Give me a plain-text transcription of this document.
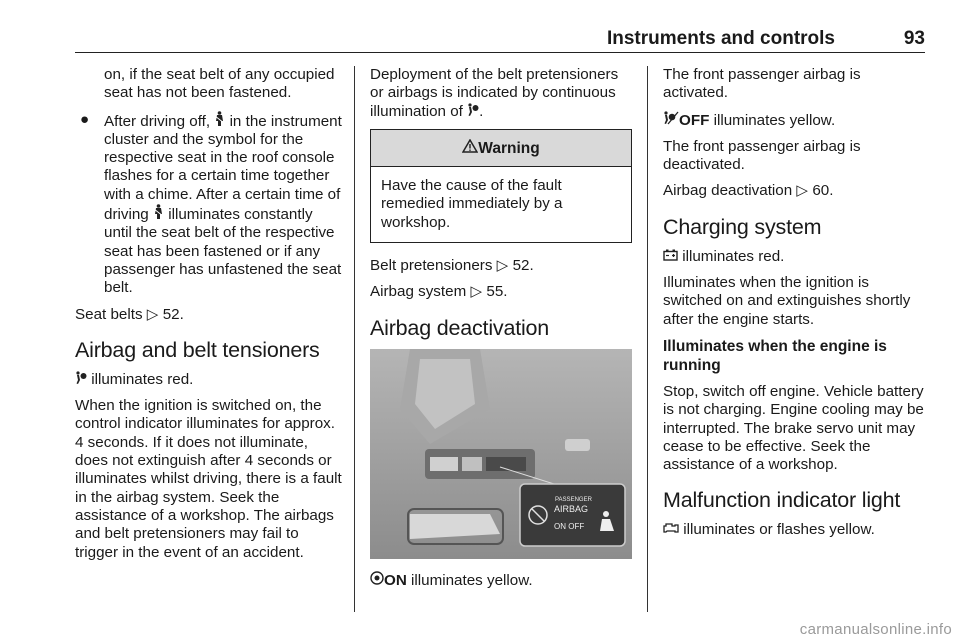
Instruments and controls	93

on, if the seat belt of any occupied seat has not been fastened.

● After driving off, in the instrument cluster and the symbol for the respective seat in the roof console flashes for a certain time together with a chime. After a certain time of driving illuminates constantly until the seat belt of the respective seat has been fastened or if any passenger has unfastened the seat belt.

Seat belts ▷ 52.

Airbag and belt tensioners

illuminates red.

When the ignition is switched on, the control indicator illuminates for approx. 4 seconds. If it does not illuminate, does not extinguish after 4 seconds or illuminates whilst driving, there is a fault in the airbag system. Seek the assistance of a workshop. The airbags and belt pretensioners may fail to trigger in the event of an accident.

Deployment of the belt pretensioners or airbags is indicated by continuous illumination of .

Warning
Have the cause of the fault remedied immediately by a workshop.

Belt pretensioners ▷ 52.

Airbag system ▷ 55.

Airbag deactivation
PASSENGER
AIRBAG
ON OFF

ON illuminates yellow.

The front passenger airbag is activated.

OFF illuminates yellow.

The front passenger airbag is deactivated.

Airbag deactivation ▷ 60.

Charging system

illuminates red.

Illuminates when the ignition is switched on and extinguishes shortly after the engine starts.

Illuminates when the engine is running

Stop, switch off engine. Vehicle battery is not charging. Engine cooling may be interrupted. The brake servo unit may cease to be effective. Seek the assistance of a workshop.

Malfunction indicator light

illuminates or flashes yellow.

carmanualsonline.info
